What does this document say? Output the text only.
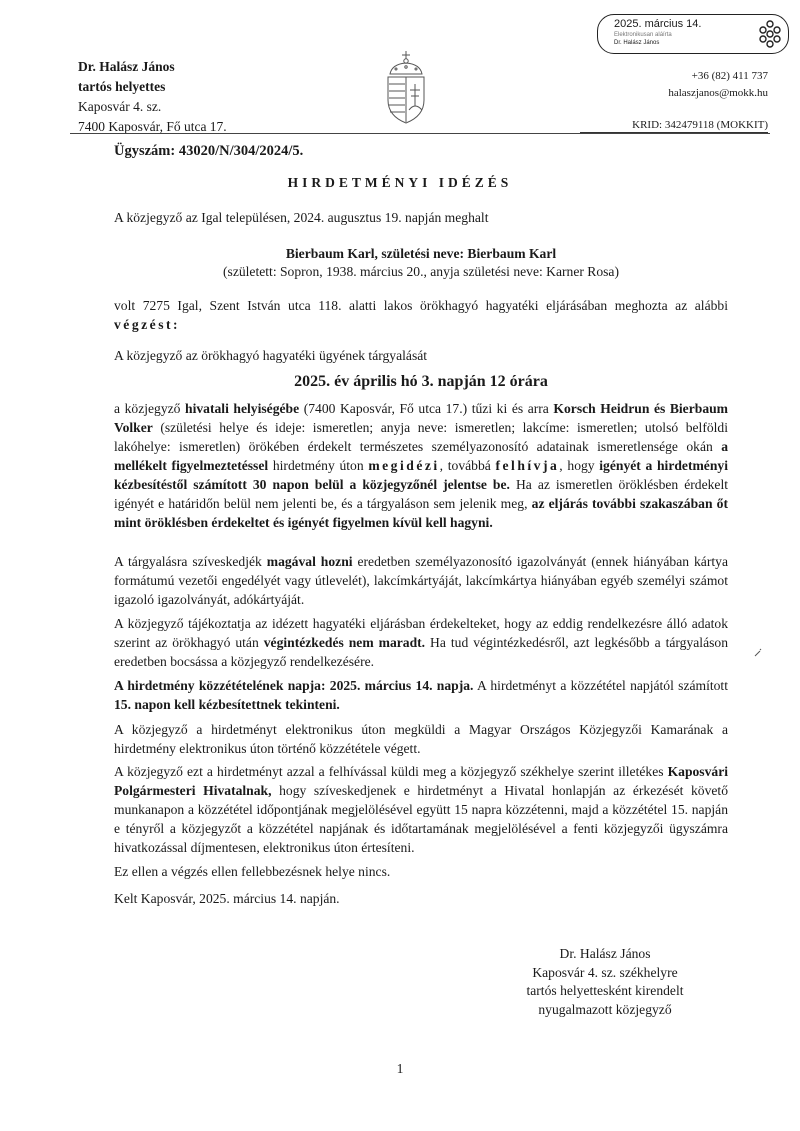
Dr. Halász János
tartós helyettes
Kaposvár 4. sz.
7400 Kaposvár, Fő utca 17.
2025. március 14.
Elektronikusan aláírta
Dr. Halász János
+36 (82) 411 737
halaszjanos@mokk.hu
KRID: 342479118 (MOKKIT)
Ügyszám: 43020/N/304/2024/5.
HIRDETMÉNYI IDÉZÉS
A közjegyző az Igal településen, 2024. augusztus 19. napján meghalt
Bierbaum Karl, születési neve: Bierbaum Karl
(született: Sopron, 1938. március 20., anyja születési neve: Karner Rosa)
volt 7275 Igal, Szent István utca 118. alatti lakos örökhagyó hagyatéki eljárásában meghozta az alábbi végzést:
A közjegyző az örökhagyó hagyatéki ügyének tárgyalását
2025. év április hó 3. napján 12 órára
a közjegyző hivatali helyiségébe (7400 Kaposvár, Fő utca 17.) tűzi ki és arra Korsch Heidrun és Bierbaum Volker (születési helye és ideje: ismeretlen; anyja neve: ismeretlen; lakcíme: ismeretlen; utolsó belföldi lakóhelye: ismeretlen) örökében érdekelt természetes személyazonosító adatainak ismeretlensége okán a mellékelt figyelmeztetéssel hirdetmény úton megidézi, továbbá felhívja, hogy igényét a hirdetményi kézbesítéstől számított 30 napon belül a közjegyzőnél jelentse be. Ha az ismeretlen öröklésben érdekelt igényét e határidőn belül nem jelenti be, és a tárgyaláson sem jelenik meg, az eljárás további szakaszában őt mint öröklésben érdekeltet és igényét figyelmen kívül kell hagyni.
A tárgyalásra szíveskedjék magával hozni eredetben személyazonosító igazolványát (ennek hiányában kártya formátumú vezetői engedélyét vagy útlevelét), lakcímkártyáját, lakcímkártya hiányában egyéb személyi számot igazoló igazolványát, adókártyáját.
A közjegyző tájékoztatja az idézett hagyatéki eljárásban érdekelteket, hogy az eddig rendelkezésre álló adatok szerint az örökhagyó után végintézkedés nem maradt. Ha tud végintézkedésről, azt legkésőbb a tárgyaláson eredetben bocsássa a közjegyző rendelkezésére.
A hirdetmény közzétételének napja: 2025. március 14. napja. A hirdetményt a közzététel napjától számított 15. napon kell kézbesítettnek tekinteni.
A közjegyző a hirdetményt elektronikus úton megküldi a Magyar Országos Közjegyzői Kamarának a hirdetmény elektronikus úton történő közzététele végett.
A közjegyző ezt a hirdetményt azzal a felhívással küldi meg a közjegyző székhelye szerint illetékes Kaposvári Polgármesteri Hivatalnak, hogy szíveskedjenek e hirdetményt a Hivatal honlapján az érkezését követő munkanapon a közzététel időpontjának megjelölésével együtt 15 napra közzétenni, majd a közzététel 15. napján e tényről a közjegyzőt a közzététel napjának és időtartamának megjelölésével a fenti közjegyzői ügyszámra hivatkozással díjmentesen, elektronikus úton értesíteni.
Ez ellen a végzés ellen fellebbezésnek helye nincs.
Kelt Kaposvár, 2025. március 14. napján.
Dr. Halász János
Kaposvár 4. sz. székhelyre
tartós helyettesként kirendelt
nyugalmazott közjegyző
1
